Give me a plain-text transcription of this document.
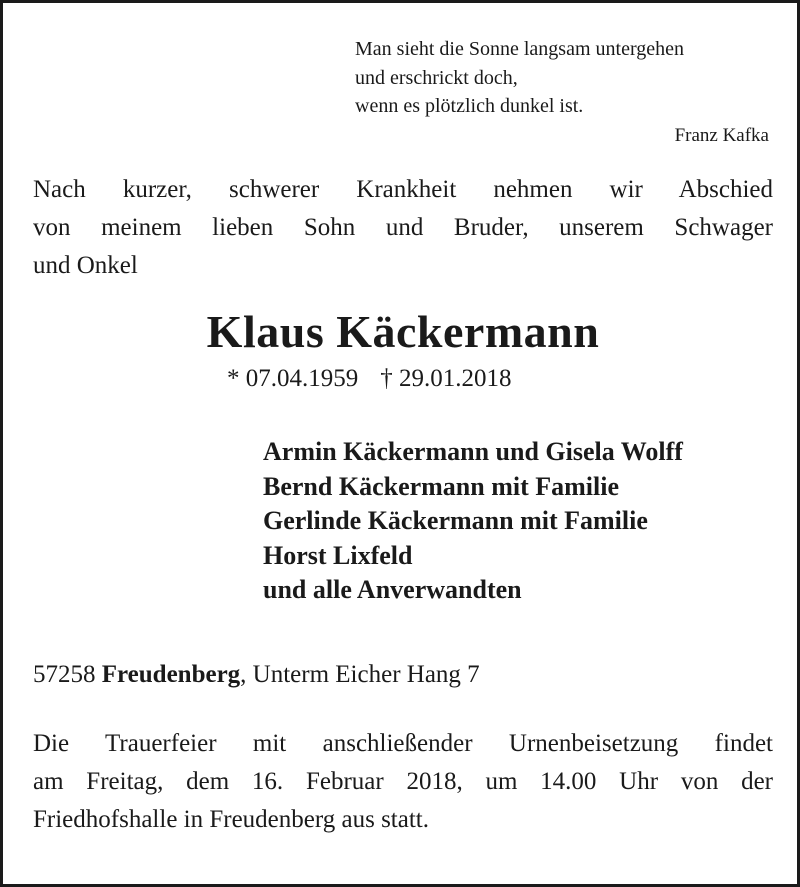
Man sieht die Sonne langsam untergehen
und erschrickt doch,
wenn es plötzlich dunkel ist.
Franz Kafka
Nach kurzer, schwerer Krankheit nehmen wir Abschied
von meinem lieben Sohn und Bruder, unserem Schwager
und Onkel
Klaus Käckermann
* 07.04.1959 † 29.01.2018
Armin Käckermann und Gisela Wolff
Bernd Käckermann mit Familie
Gerlinde Käckermann mit Familie
Horst Lixfeld
und alle Anverwandten
57258 Freudenberg, Unterm Eicher Hang 7
Die Trauerfeier mit anschließender Urnenbeisetzung findet
am Freitag, dem 16. Februar 2018, um 14.00 Uhr von der
Friedhofshalle in Freudenberg aus statt.
